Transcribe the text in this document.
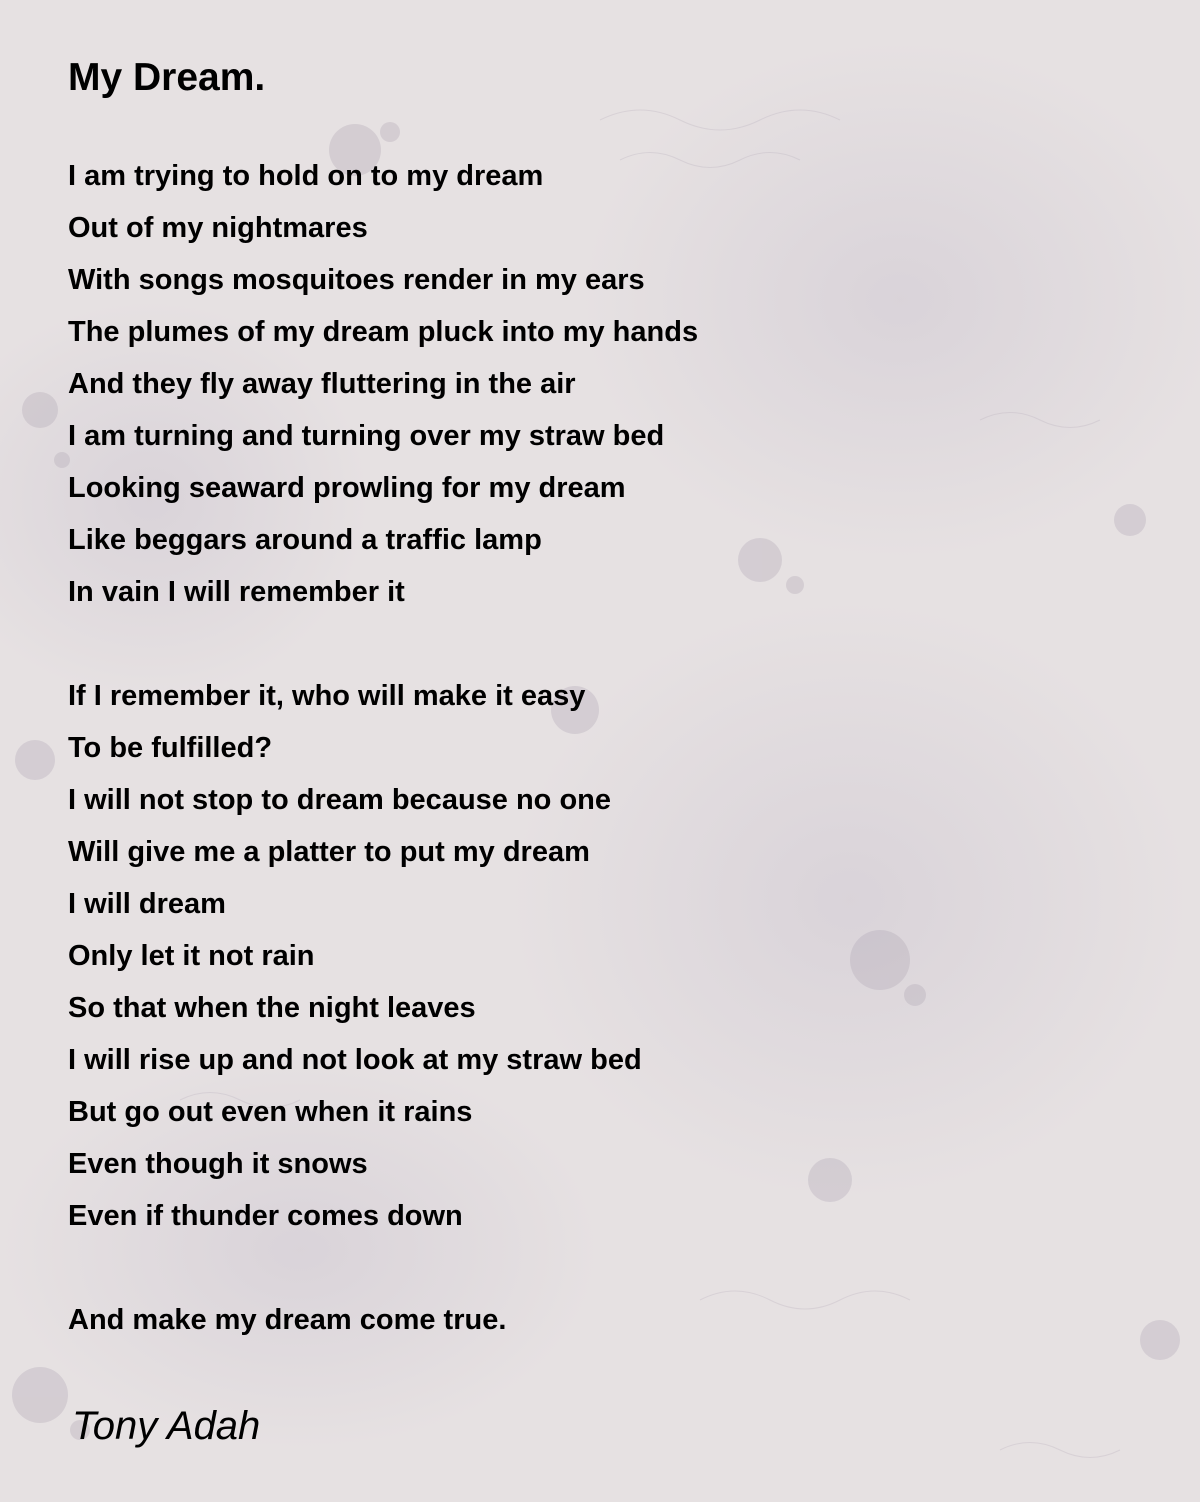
My Dream.
I am trying to hold on to my dream
Out of my nightmares
With songs mosquitoes render in my ears
The plumes of my dream pluck into my hands
And they fly away fluttering in the air
I am turning and turning over my straw bed
Looking seaward prowling for my dream
Like beggars around a traffic lamp
In vain I will remember it
If I remember it, who will make it easy
To be fulfilled?
I will not stop to dream because no one
Will give me a platter to put my dream
I will dream
Only let it not rain
So that when the night leaves
I will rise up and not look at my straw bed
But go out even when it rains
Even though it snows
Even if thunder comes down
And make my dream come true.
Tony Adah
